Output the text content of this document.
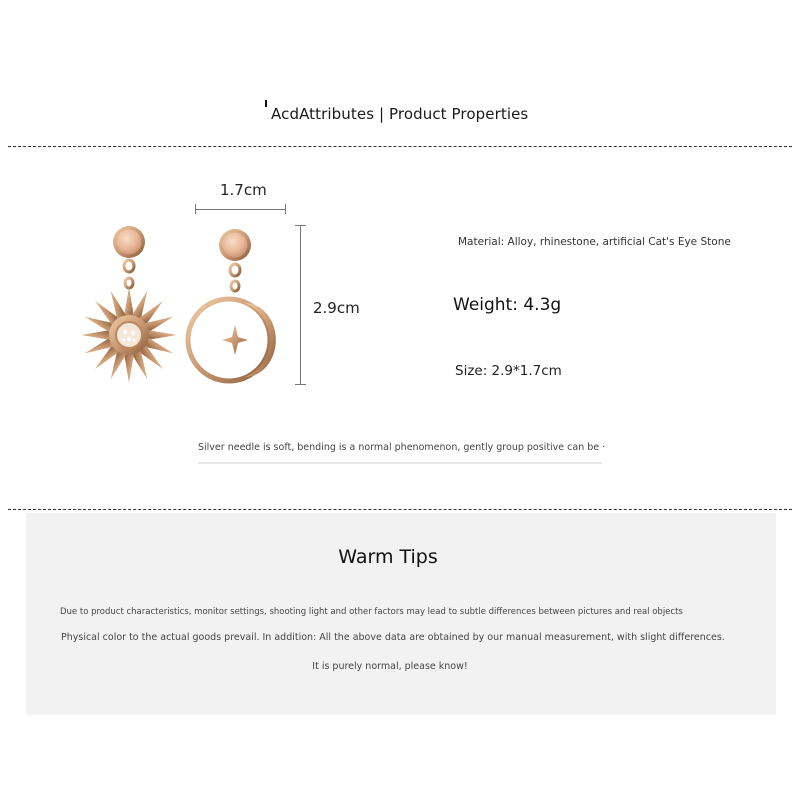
AcdAttributes | Product Properties
1.7cm
2.9cm
Material: Alloy, rhinestone, artificial Cat's Eye Stone
Weight: 4.3g
Size: 2.9*1.7cm
Silver needle is soft, bending is a normal phenomenon, gently group positive can be ·
Warm Tips
Due to product characteristics, monitor settings, shooting light and other factors may lead to subtle differences between pictures and real objects
Physical color to the actual goods prevail. In addition: All the above data are obtained by our manual measurement, with slight differences.
It is purely normal, please know!
